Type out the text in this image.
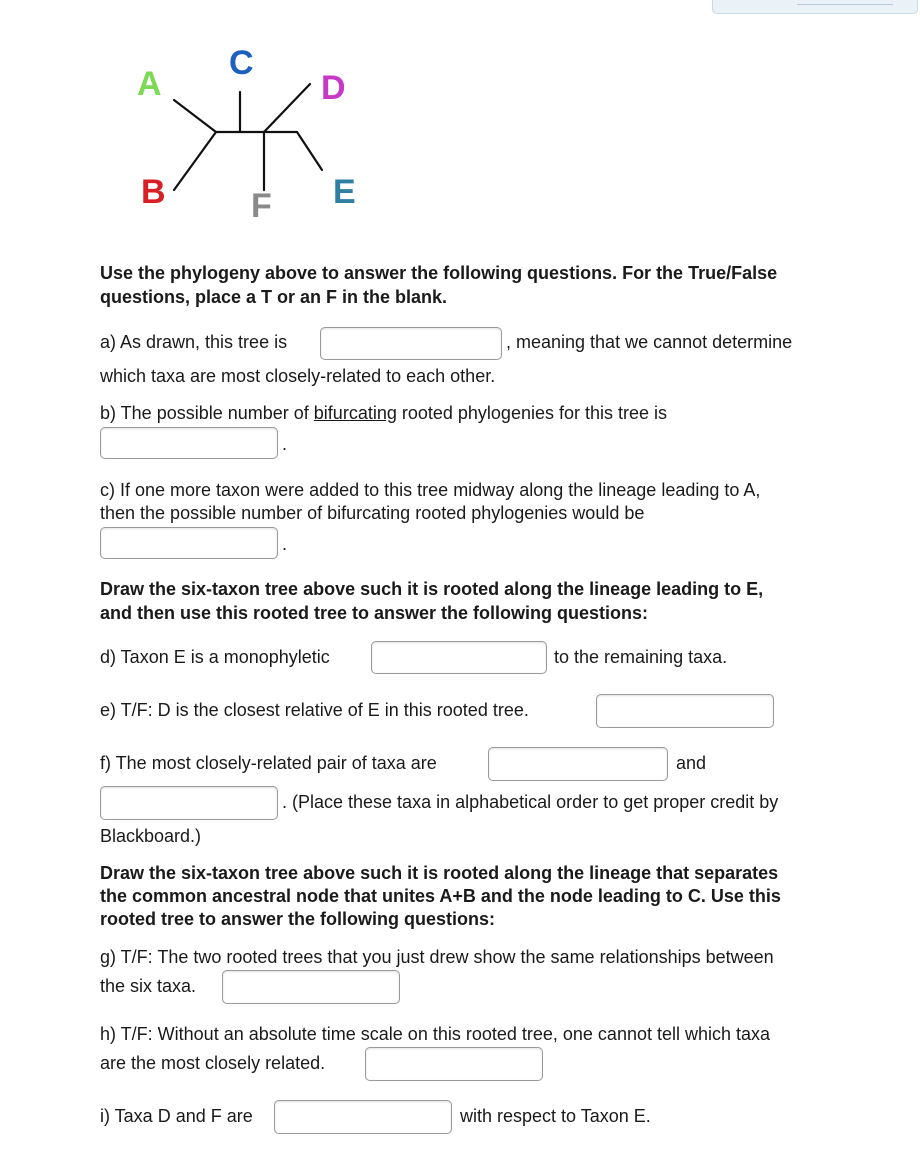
A
C
D
B	F E
Use the phylogeny above to answer the following questions. For the True/False
questions, place a T or an F in the blank.
a) As drawn, this tree is	, meaning that we cannot determine
which taxa are most closely-related to each other.
b) The possible number of bifurcating rooted phylogenies for this tree is
.
c) If one more taxon were added to this tree midway along the lineage leading to A,
then the possible number of bifurcating rooted phylogenies would be
.
Draw the six-taxon tree above such it is rooted along the lineage leading to E,
and then use this rooted tree to answer the following questions:
d) Taxon E is a monophyletic	to the remaining taxa.
e) T/F: D is the closest relative of E in this rooted tree.
f) The most closely-related pair of taxa are	and
. (Place these taxa in alphabetical order to get proper credit by
Blackboard.)
Draw the six-taxon tree above such it is rooted along the lineage that separates
the common ancestral node that unites A+B and the node leading to C. Use this
rooted tree to answer the following questions:
g) T/F: The two rooted trees that you just drew show the same relationships between
the six taxa.
h) T/F: Without an absolute time scale on this rooted tree, one cannot tell which taxa
are the most closely related.
i) Taxa D and F are	with respect to Taxon E.
